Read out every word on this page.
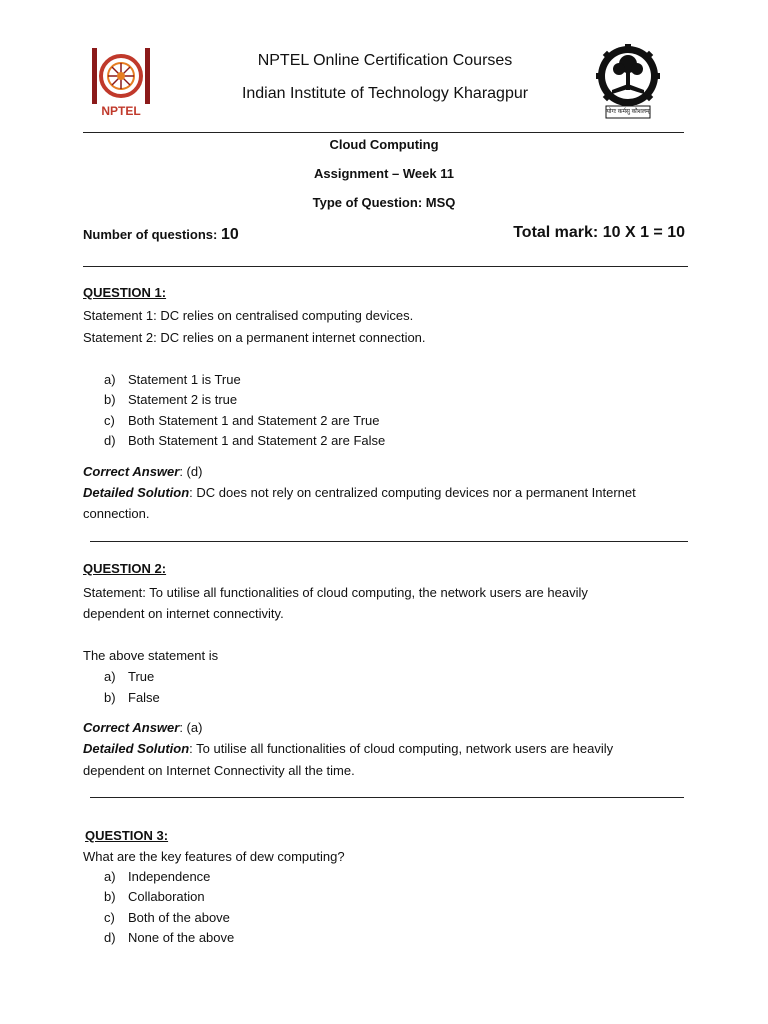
NPTEL	योगः कर्मसु कौशलम्
NPTEL Online Certification Courses
Indian Institute of Technology Kharagpur
Cloud Computing
Assignment – Week 11
Type of Question: MSQ
Number of questions: 10	Total mark: 10 X 1 = 10
QUESTION 1:
Statement 1: DC relies on centralised computing devices.
Statement 2: DC relies on a permanent internet connection.
a) Statement 1 is True
b) Statement 2 is true
c) Both Statement 1 and Statement 2 are True
d) Both Statement 1 and Statement 2 are False
Correct Answer: (d)
Detailed Solution: DC does not rely on centralized computing devices nor a permanent Internet
connection.
QUESTION 2:
Statement: To utilise all functionalities of cloud computing, the network users are heavily
dependent on internet connectivity.
The above statement is
a) True
b) False
Correct Answer: (a)
Detailed Solution: To utilise all functionalities of cloud computing, network users are heavily
dependent on Internet Connectivity all the time.
QUESTION 3:
What are the key features of dew computing?
a) Independence
b) Collaboration
c) Both of the above
d) None of the above
